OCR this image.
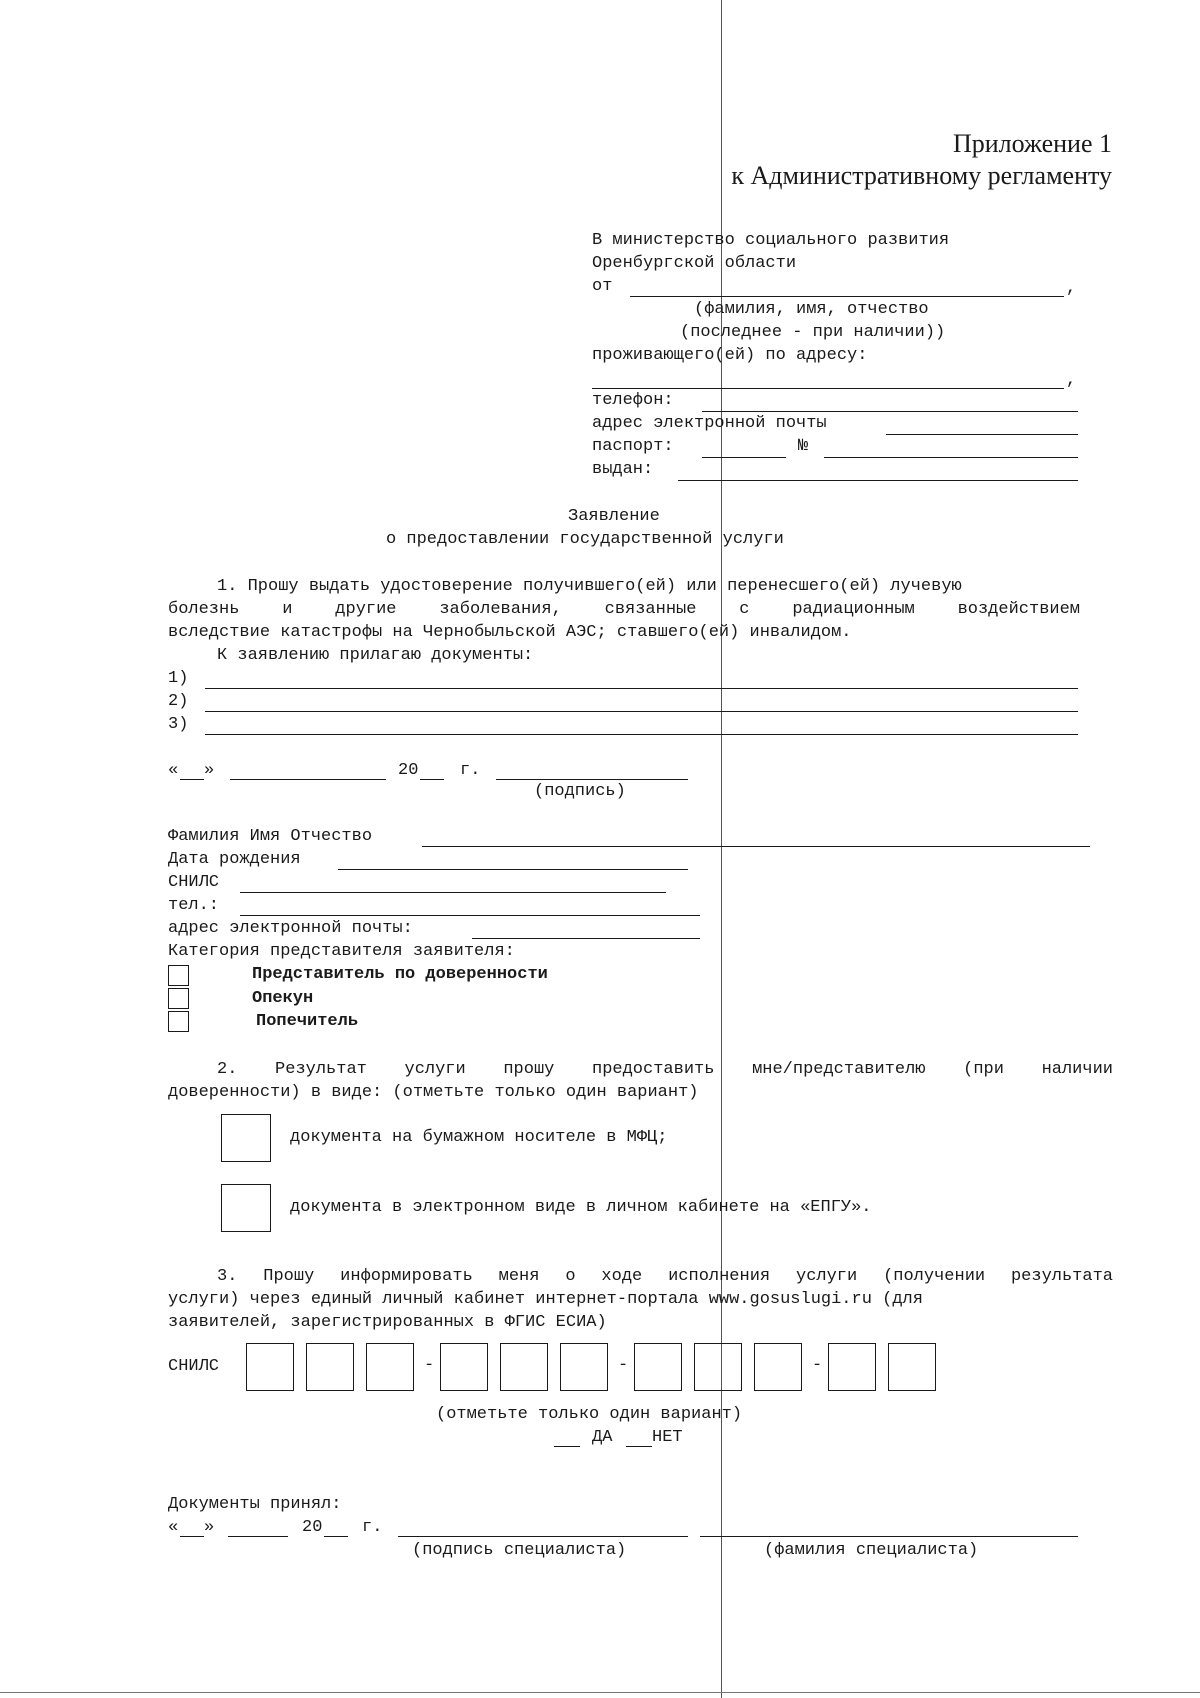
Приложение 1
к Административному регламенту
В министерство социального развития
Оренбургской области
от	,
(фамилия, имя, отчество
(последнее - при наличии))
проживающего(ей) по адресу:
,
телефон:
адрес электронной почты
паспорт:	№
выдан:
Заявление
о предоставлении государственной услуги
1. Прошу выдать удостоверение получившего(ей) или перенесшего(ей) лучевую
болезнь и другие заболевания, связанные с радиационным воздействием
вследствие катастрофы на Чернобыльской АЭС; ставшего(ей) инвалидом.
К заявлению прилагаю документы:
1)
2)
3)
« »	20 г.
(подпись)
Фамилия Имя Отчество
Дата рождения
СНИЛС
тел.:
адрес электронной почты:
Категория представителя заявителя:
Представитель по доверенности
Опекун
Попечитель
2. Результат услуги прошу предоставить мне/представителю (при наличии
доверенности) в виде: (отметьте только один вариант)
документа на бумажном носителе в МФЦ;
документа в электронном виде в личном кабинете на «ЕПГУ».
3. Прошу информировать меня о ходе исполнения услуги (получении результата
услуги) через единый личный кабинет интернет-портала www.gosuslugi.ru (для
заявителей, зарегистрированных в ФГИС ЕСИА)
СНИЛС	-	-	-
(отметьте только один вариант)
ДА НЕТ
Документы принял:
« »	20 г.
(подпись специалиста)	(фамилия специалиста)
